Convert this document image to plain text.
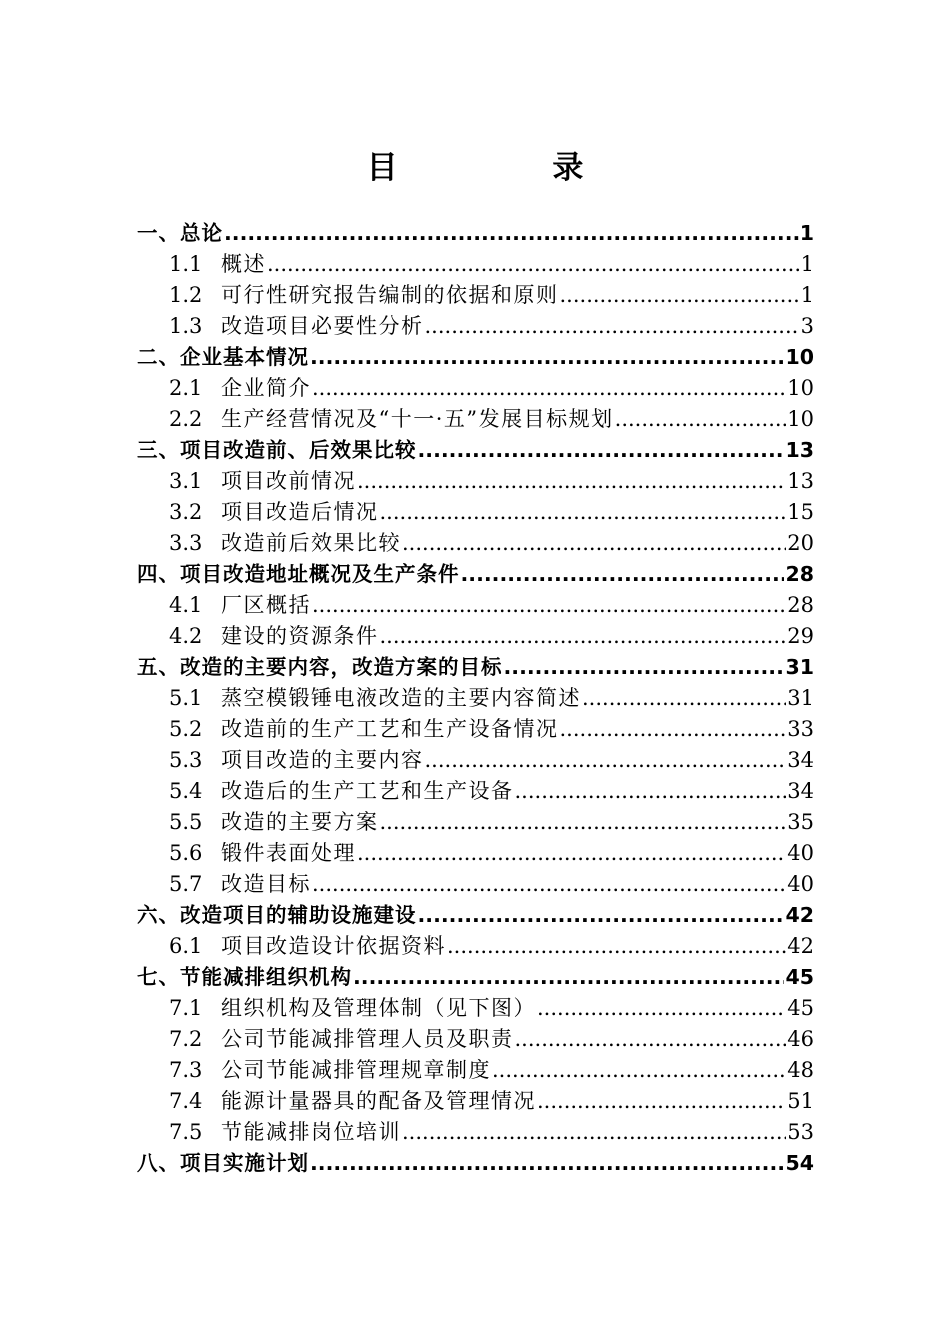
目 录
一、总论 .....	1
1.1 概述 .....	1
1.2 可行性研究报告编制的依据和原则 .....	1
1.3 改造项目必要性分析 .....	3
二、企业基本情况 .....	10
2.1 企业简介 .....	10
2.2 生产经营情况及“十一·五”发展目标规划 .....	10
三、项目改造前、后效果比较 .....	13
3.1 项目改前情况 .....	13
3.2 项目改造后情况 .....	15
3.3 改造前后效果比较 .....	20
四、项目改造地址概况及生产条件 .....	28
4.1 厂区概括 .....	28
4.2 建设的资源条件 .....	29
五、改造的主要内容，改造方案的目标 .....	31
5.1 蒸空模锻锤电液改造的主要内容简述 .....	31
5.2 改造前的生产工艺和生产设备情况 .....	33
5.3 项目改造的主要内容 .....	34
5.4 改造后的生产工艺和生产设备 .....	34
5.5 改造的主要方案 .....	35
5.6 锻件表面处理 .....	40
5.7 改造目标 .....	40
六、改造项目的辅助设施建设 .....	42
6.1 项目改造设计依据资料 .....	42
七、节能减排组织机构 .....	45
7.1 组织机构及管理体制（见下图） .....	45
7.2 公司节能减排管理人员及职责 .....	46
7.3 公司节能减排管理规章制度 .....	48
7.4 能源计量器具的配备及管理情况 .....	51
7.5 节能减排岗位培训 .....	53
八、项目实施计划 .....	54
